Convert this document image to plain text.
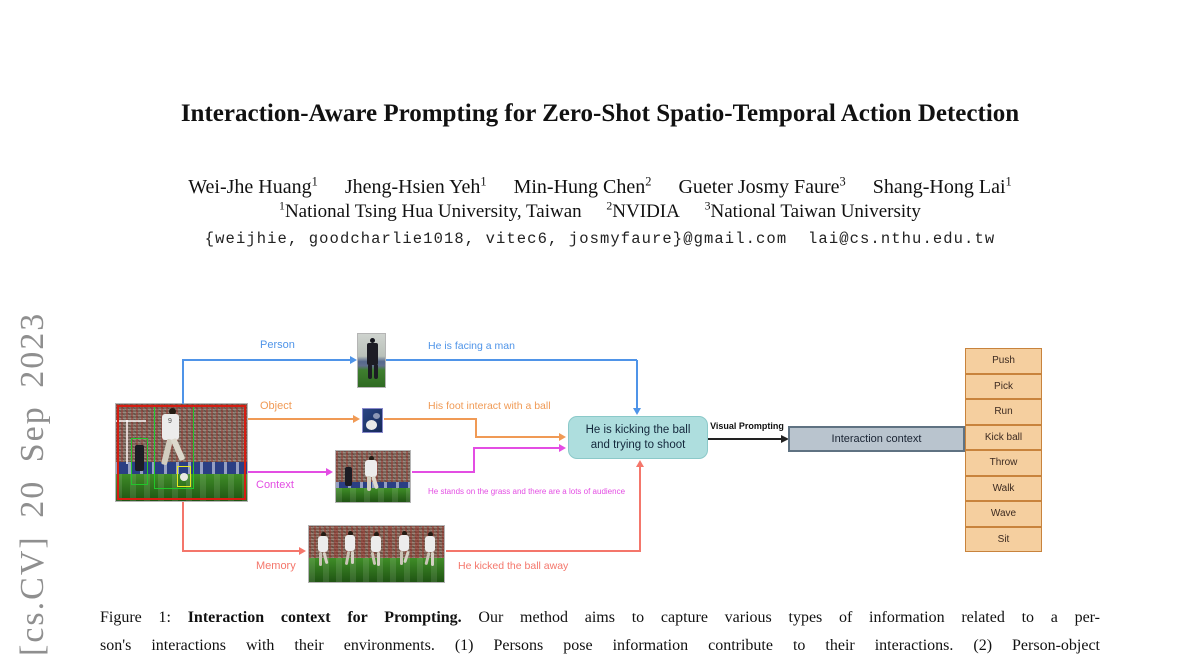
[cs.CV] 20 Sep 2023
Interaction-Aware Prompting for Zero-Shot Spatio-Temporal Action Detection
Wei-Jhe Huang$^1$ Jheng-Hsien Yeh$^1$ Min-Hung Chen$^2$ Gueter Josmy Faure$^3$ Shang-Hong Lai$^1$
$^1$National Tsing Hua University, Taiwan $^2$NVIDIA $^3$National Taiwan University
{weijhie, goodcharlie1018, vitec6, josmyfaure}@gmail.com  lai@cs.nthu.edu.tw
9
Person	He is facing a man
Object	His foot interact with a ball
Context
He stands on the grass and there are a lots of audience
Memory	He kicked the ball away
He is kicking the ball
and trying to shoot
Visual Prompting
Interaction context
Push
Pick
Run
Kick ball
Throw
Walk
Wave
Sit
Figure 1: Interaction context for Prompting. Our method aims to capture various types of information related to a per-
son's interactions with their environments. (1) Persons pose information contribute to their interactions. (2) Person-object
